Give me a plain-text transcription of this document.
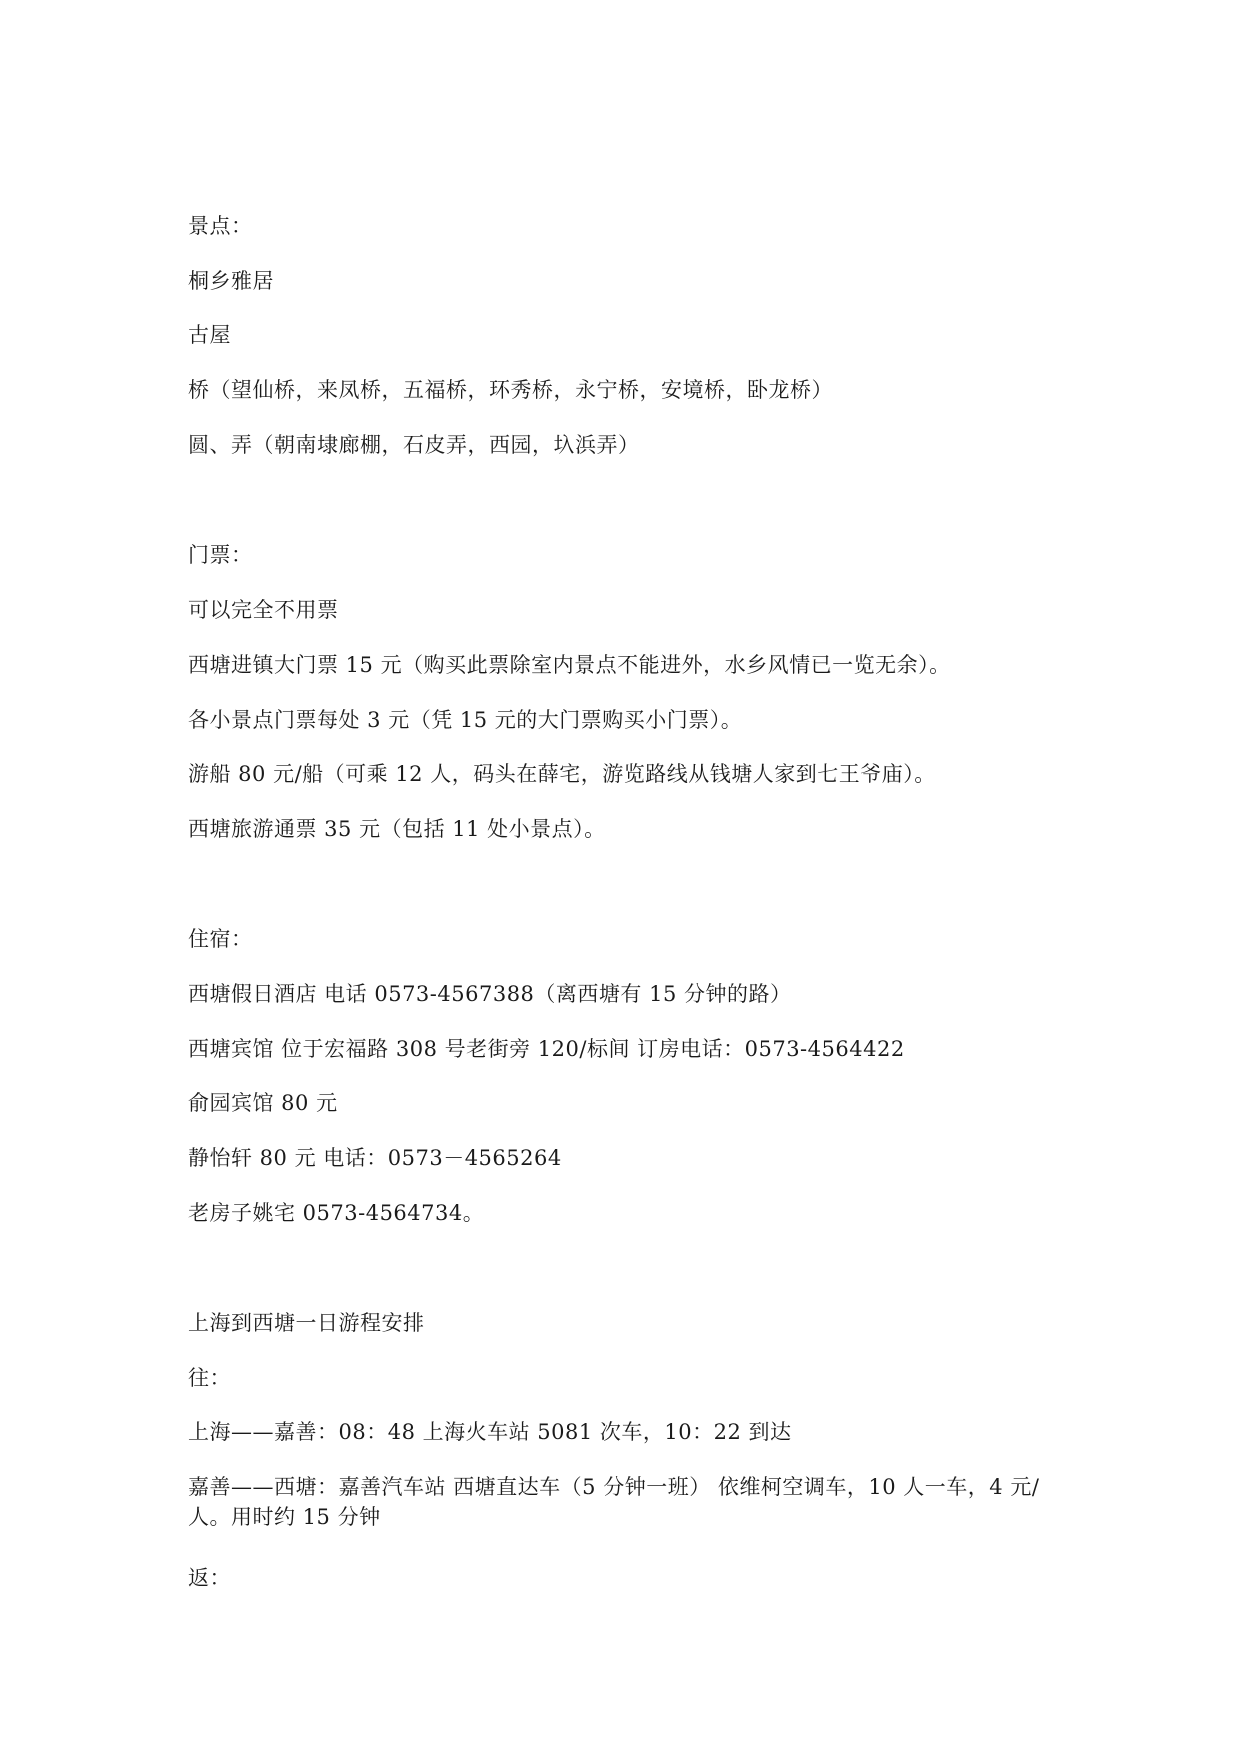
景点：
桐乡雅居
古屋
桥（望仙桥，来凤桥，五福桥，环秀桥，永宁桥，安境桥，卧龙桥）
圆、弄（朝南埭廊棚，石皮弄，西园，圦浜弄）
门票：
可以完全不用票
西塘进镇大门票 15 元（购买此票除室内景点不能进外，水乡风情已一览无余）。
各小景点门票每处 3 元（凭 15 元的大门票购买小门票）。
游船 80 元/船（可乘 12 人，码头在薛宅，游览路线从钱塘人家到七王爷庙）。
西塘旅游通票 35 元（包括 11 处小景点）。
住宿：
西塘假日酒店 电话 0573-4567388（离西塘有 15 分钟的路）
西塘宾馆 位于宏福路 308 号老街旁 120/标间 订房电话：0573-4564422
俞园宾馆 80 元
静怡轩 80 元 电话：0573－4565264
老房子姚宅 0573-4564734。
上海到西塘一日游程安排
往：
上海——嘉善：08：48 上海火车站 5081 次车，10：22 到达
嘉善——西塘：嘉善汽车站 西塘直达车（5 分钟一班） 依维柯空调车，10 人一车，4 元/人。用时约 15 分钟
返：
